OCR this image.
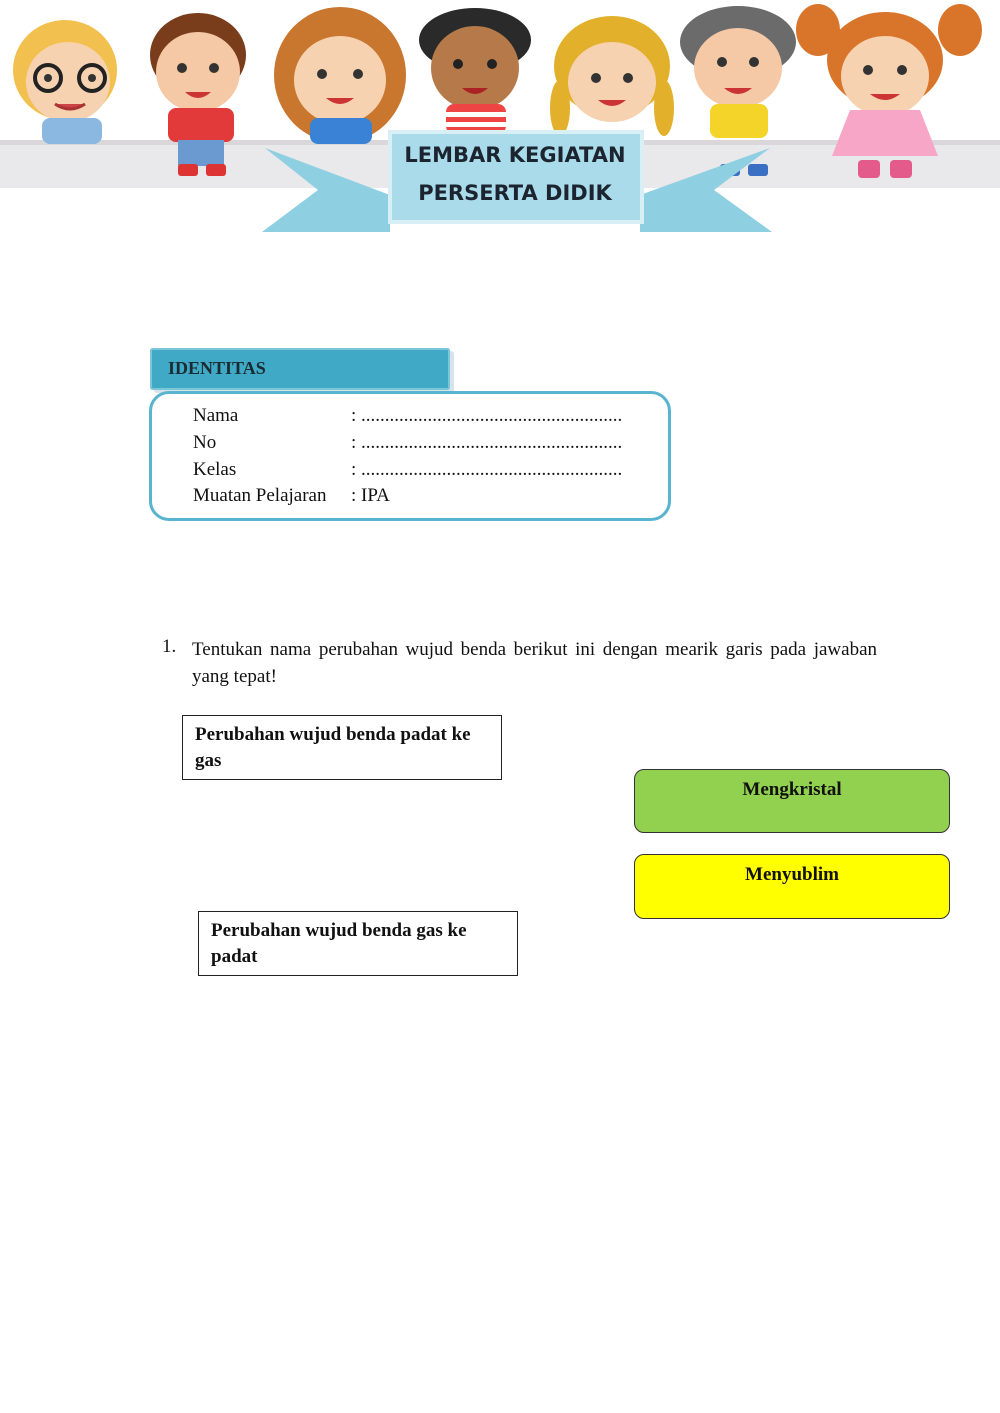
LEMBAR KEGIATAN
PERSERTA DIDIK
IDENTITAS
Nama	: .......................................................
No	: .......................................................
Kelas	: .......................................................
Muatan Pelajaran : IPA
1. Tentukan nama perubahan wujud benda berikut ini dengan mearik garis pada jawaban yang tepat!
Perubahan wujud benda padat ke gas
Perubahan wujud benda gas ke padat
Mengkristal
Menyublim
